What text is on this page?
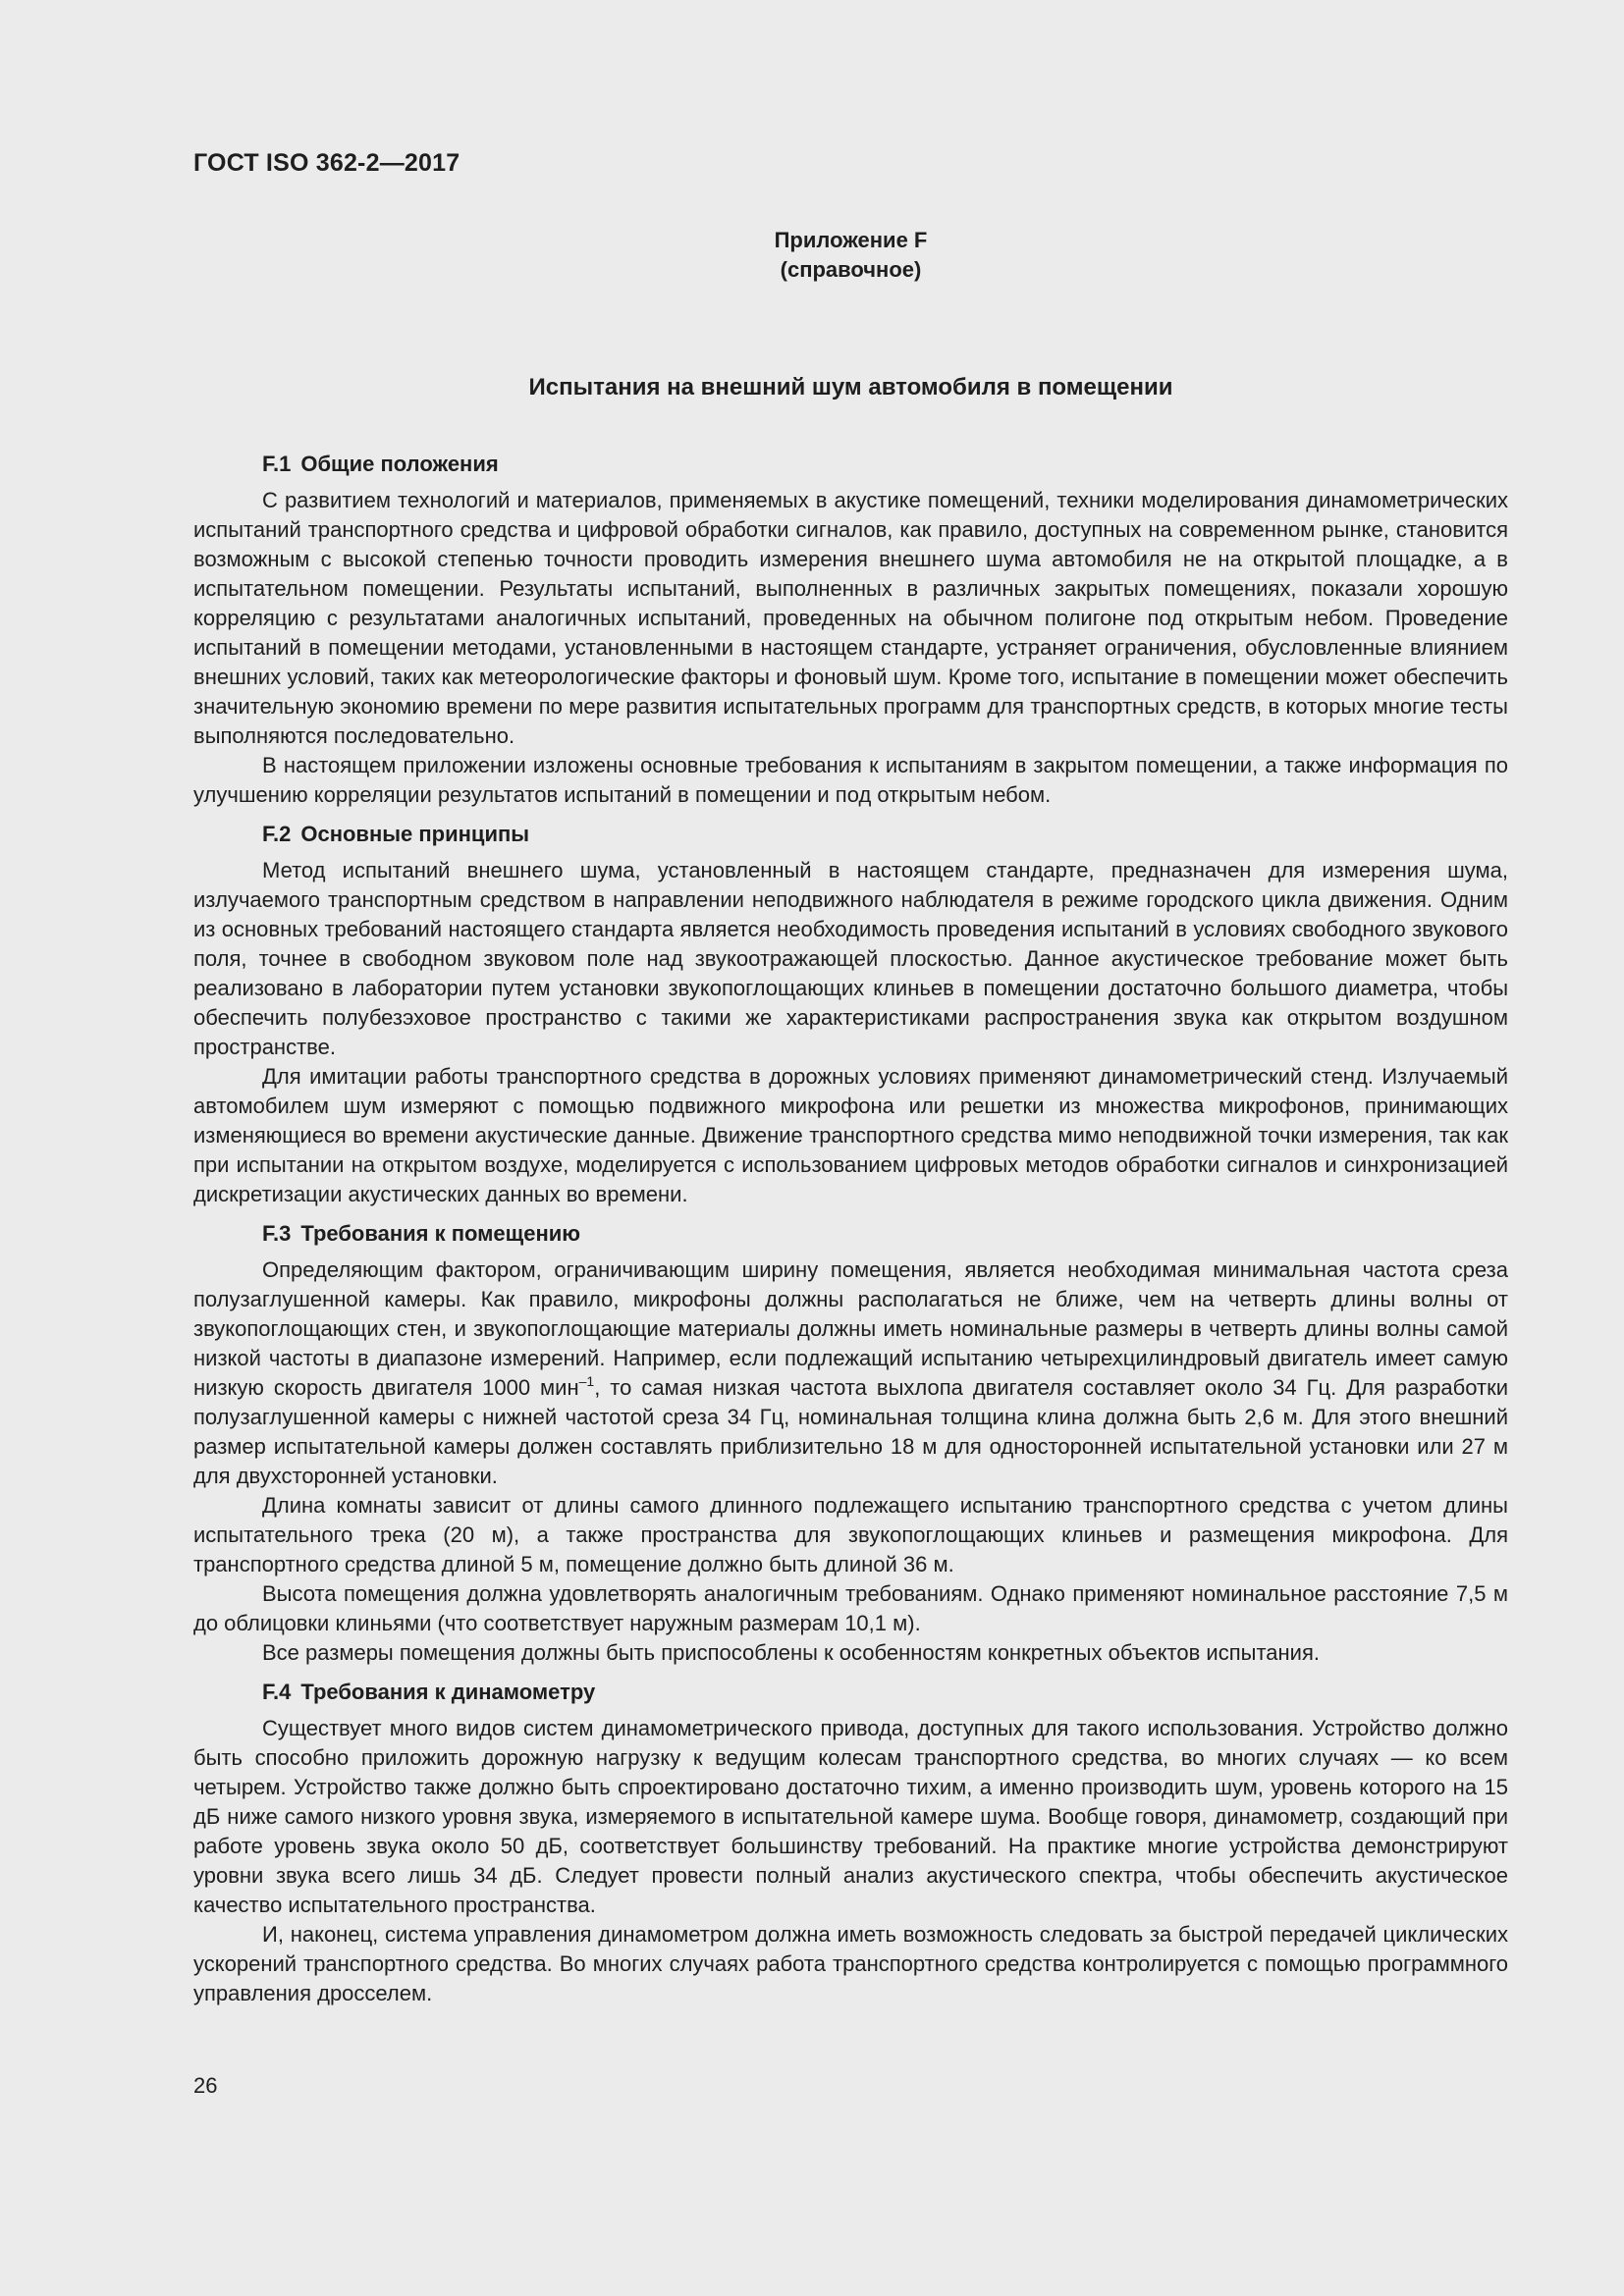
ГОСТ ISO 362-2—2017
Приложение F
(справочное)
Испытания на внешний шум автомобиля в помещении
F.1 Общие положения

С развитием технологий и материалов, применяемых в акустике помещений, техники моделирования динамометрических испытаний транспортного средства и цифровой обработки сигналов, как правило, доступных на современном рынке, становится возможным с высокой степенью точности проводить измерения внешнего шума автомобиля не на открытой площадке, а в испытательном помещении. Результаты испытаний, выполненных в различных закрытых помещениях, показали хорошую корреляцию с результатами аналогичных испытаний, проведенных на обычном полигоне под открытым небом. Проведение испытаний в помещении методами, установленными в настоящем стандарте, устраняет ограничения, обусловленные влиянием внешних условий, таких как метеорологические факторы и фоновый шум. Кроме того, испытание в помещении может обеспечить значительную экономию времени по мере развития испытательных программ для транспортных средств, в которых многие тесты выполняются последовательно.

В настоящем приложении изложены основные требования к испытаниям в закрытом помещении, а также информация по улучшению корреляции результатов испытаний в помещении и под открытым небом.

F.2 Основные принципы

Метод испытаний внешнего шума, установленный в настоящем стандарте, предназначен для измерения шума, излучаемого транспортным средством в направлении неподвижного наблюдателя в режиме городского цикла движения. Одним из основных требований настоящего стандарта является необходимость проведения испытаний в условиях свободного звукового поля, точнее в свободном звуковом поле над звукоотражающей плоскостью. Данное акустическое требование может быть реализовано в лаборатории путем установки звукопоглощающих клиньев в помещении достаточно большого диаметра, чтобы обеспечить полубезэховое пространство с такими же характеристиками распространения звука как открытом воздушном пространстве.

Для имитации работы транспортного средства в дорожных условиях применяют динамометрический стенд. Излучаемый автомобилем шум измеряют с помощью подвижного микрофона или решетки из множества микрофонов, принимающих изменяющиеся во времени акустические данные. Движение транспортного средства мимо неподвижной точки измерения, так как при испытании на открытом воздухе, моделируется с использованием цифровых методов обработки сигналов и синхронизацией дискретизации акустических данных во времени.

F.3 Требования к помещению

Определяющим фактором, ограничивающим ширину помещения, является необходимая минимальная частота среза полузаглушенной камеры. Как правило, микрофоны должны располагаться не ближе, чем на четверть длины волны от звукопоглощающих стен, и звукопоглощающие материалы должны иметь номинальные размеры в четверть длины волны самой низкой частоты в диапазоне измерений. Например, если подлежащий испытанию четырехцилиндровый двигатель имеет самую низкую скорость двигателя 1000 мин$^{-1}$, то самая низкая частота выхлопа двигателя составляет около 34 Гц. Для разработки полузаглушенной камеры с нижней частотой среза 34 Гц, номинальная толщина клина должна быть 2,6 м. Для этого внешний размер испытательной камеры должен составлять приблизительно 18 м для односторонней испытательной установки или 27 м для двухсторонней установки.

Длина комнаты зависит от длины самого длинного подлежащего испытанию транспортного средства с учетом длины испытательного трека (20 м), а также пространства для звукопоглощающих клиньев и размещения микрофона. Для транспортного средства длиной 5 м, помещение должно быть длиной 36 м.

Высота помещения должна удовлетворять аналогичным требованиям. Однако применяют номинальное расстояние 7,5 м до облицовки клиньями (что соответствует наружным размерам 10,1 м).

Все размеры помещения должны быть приспособлены к особенностям конкретных объектов испытания.

F.4 Требования к динамометру

Существует много видов систем динамометрического привода, доступных для такого использования. Устройство должно быть способно приложить дорожную нагрузку к ведущим колесам транспортного средства, во многих случаях — ко всем четырем. Устройство также должно быть спроектировано достаточно тихим, а именно производить шум, уровень которого на 15 дБ ниже самого низкого уровня звука, измеряемого в испытательной камере шума. Вообще говоря, динамометр, создающий при работе уровень звука около 50 дБ, соответствует большинству требований. На практике многие устройства демонстрируют уровни звука всего лишь 34 дБ. Следует провести полный анализ акустического спектра, чтобы обеспечить акустическое качество испытательного пространства.

И, наконец, система управления динамометром должна иметь возможность следовать за быстрой передачей циклических ускорений транспортного средства. Во многих случаях работа транспортного средства контролируется с помощью программного управления дросселем.

26
